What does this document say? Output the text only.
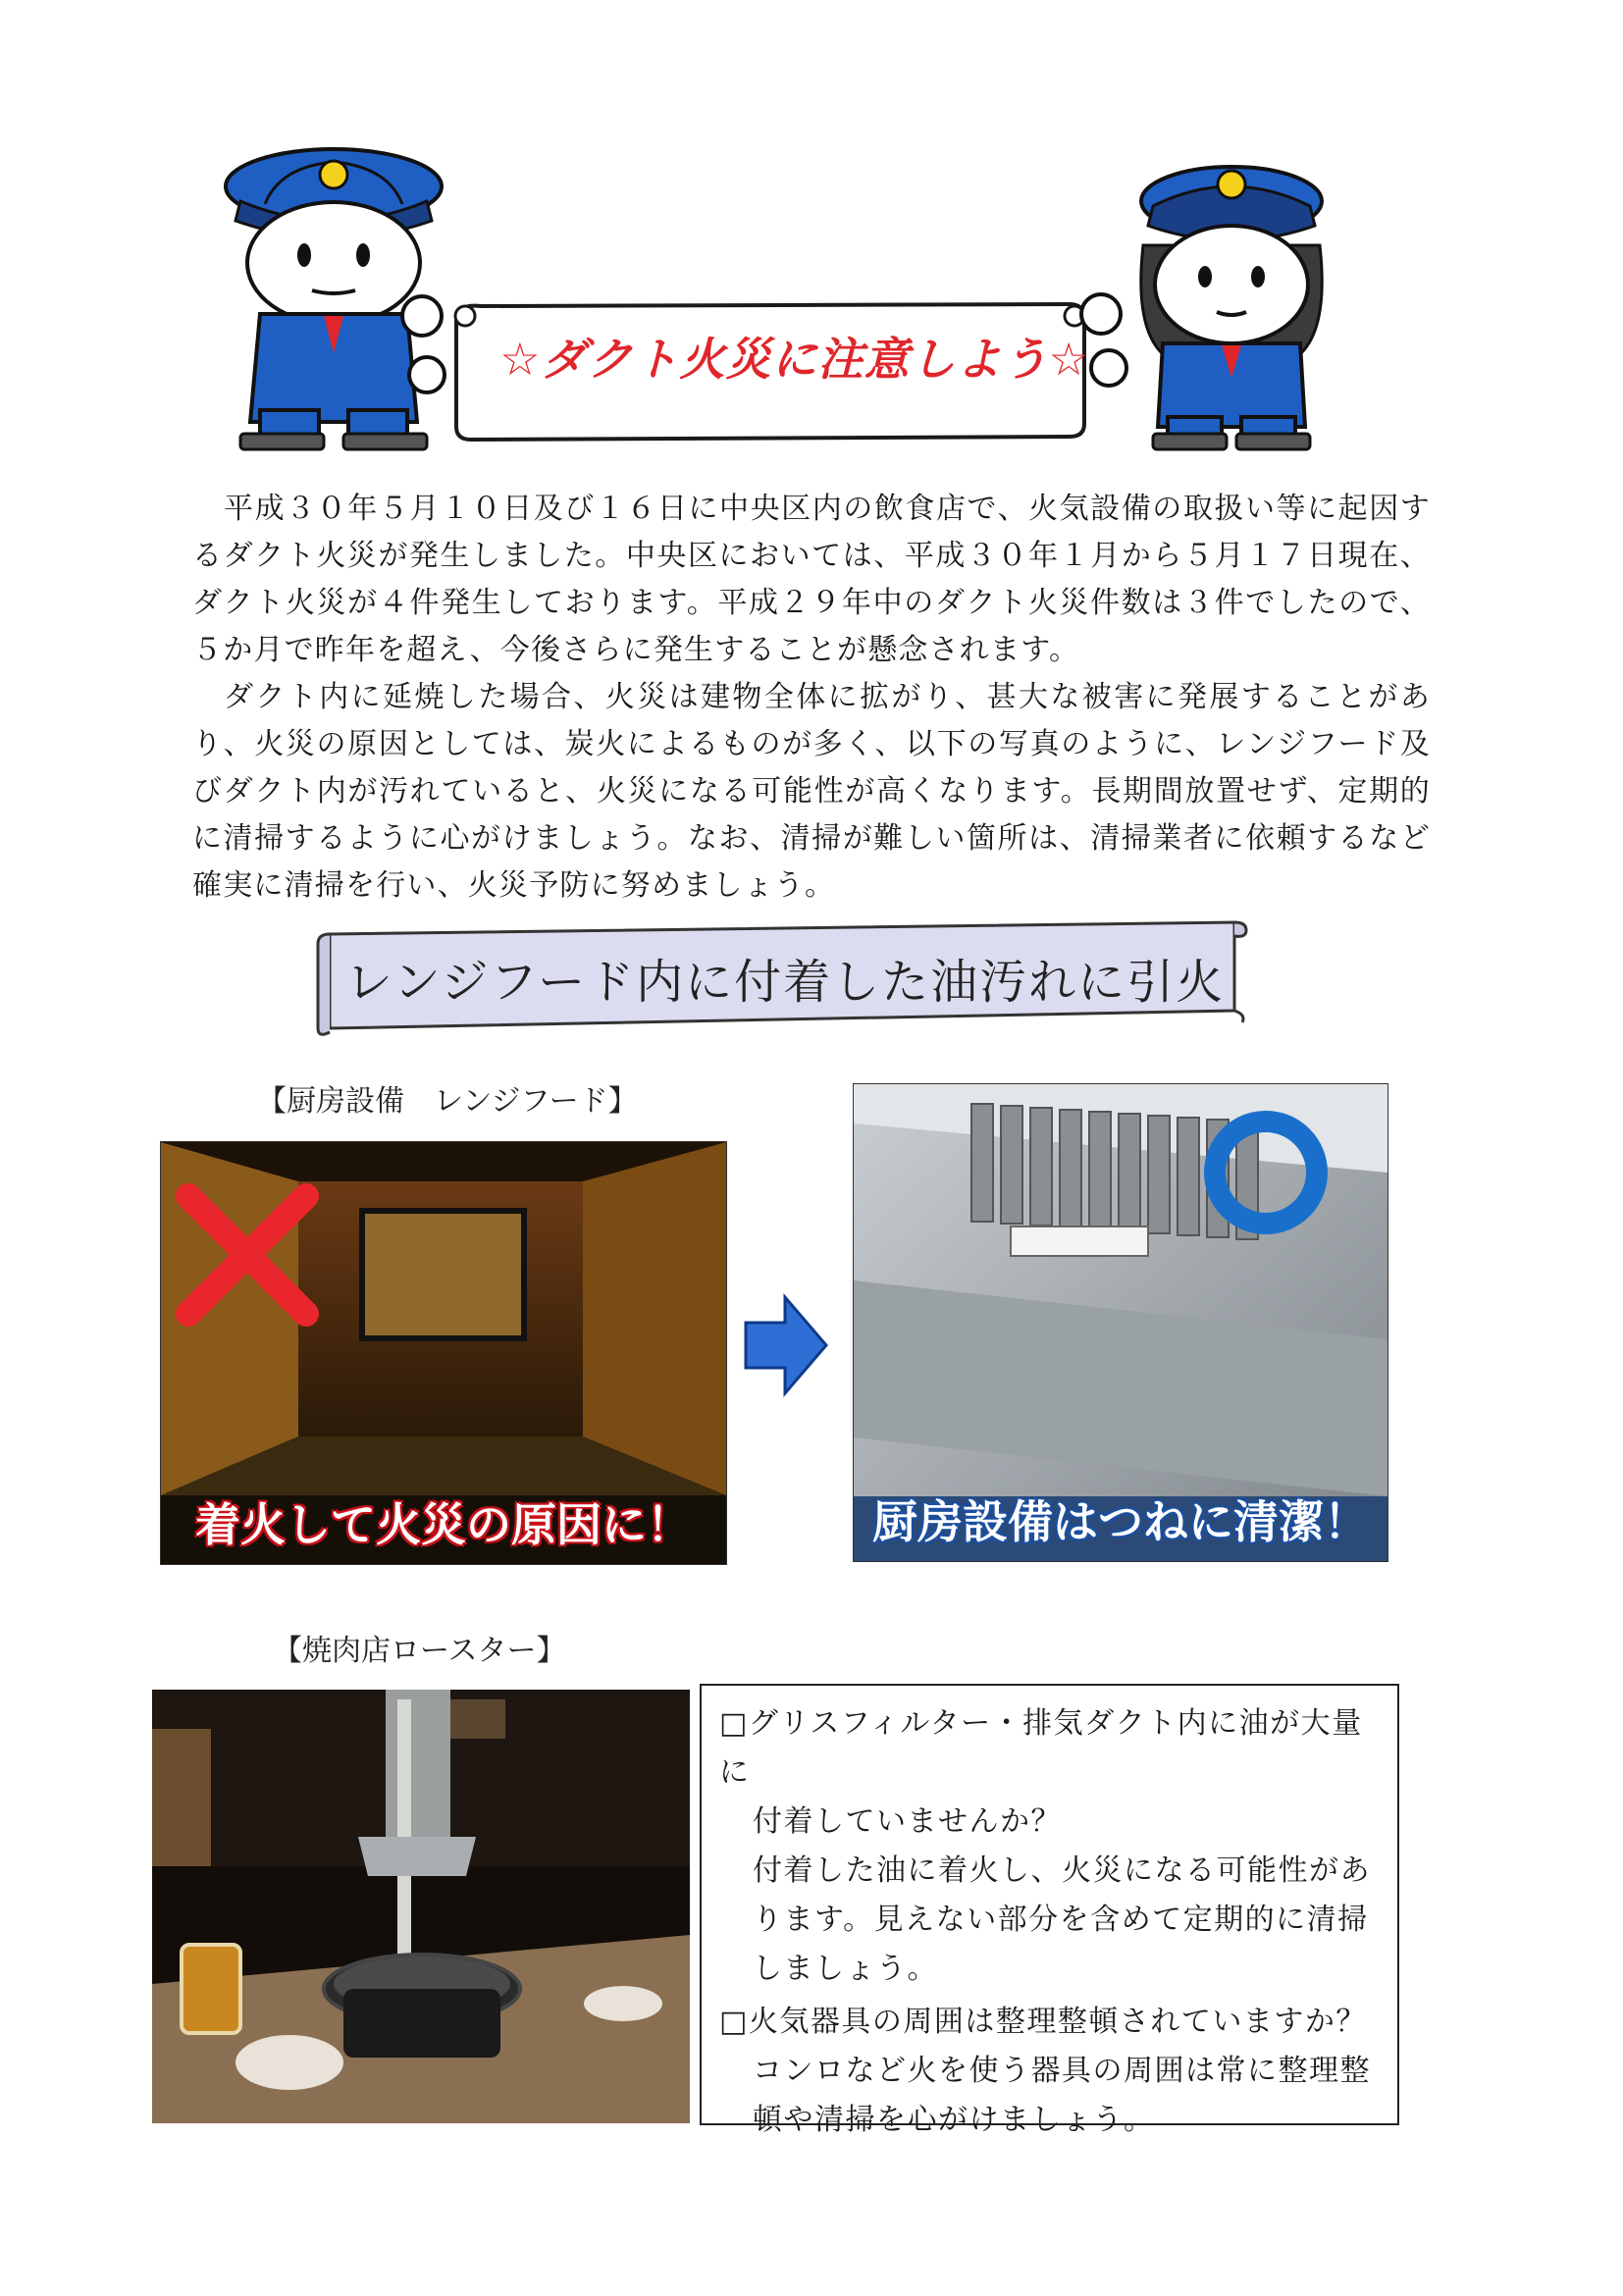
☆ダクト火災に注意しよう☆

平成３０年５月１０日及び１６日に中央区内の飲食店で、火気設備の取扱い等に起因するダクト火災が発生しました。中央区においては、平成３０年１月から５月１７日現在、ダクト火災が４件発生しております。平成２９年中のダクト火災件数は３件でしたので、５か月で昨年を超え、今後さらに発生することが懸念されます。

ダクト内に延焼した場合、火災は建物全体に拡がり、甚大な被害に発展することがあり、火災の原因としては、炭火によるものが多く、以下の写真のように、レンジフード及びダクト内が汚れていると、火災になる可能性が高くなります。長期間放置せず、定期的に清掃するように心がけましょう。なお、清掃が難しい箇所は、清掃業者に依頼するなど確実に清掃を行い、火災予防に努めましょう。

レンジフード内に付着した油汚れに引火
【厨房設備　レンジフード】
着火して火災の原因に！	厨房設備はつねに清潔！
【焼肉店ロースター】

□グリスフィルター・排気ダクト内に油が大量に

付着していませんか？

付着した油に着火し、火災になる可能性があ

ります。見えない部分を含めて定期的に清掃

しましょう。

□火気器具の周囲は整理整頓されていますか？

コンロなど火を使う器具の周囲は常に整理整

頓や清掃を心がけましょう。
